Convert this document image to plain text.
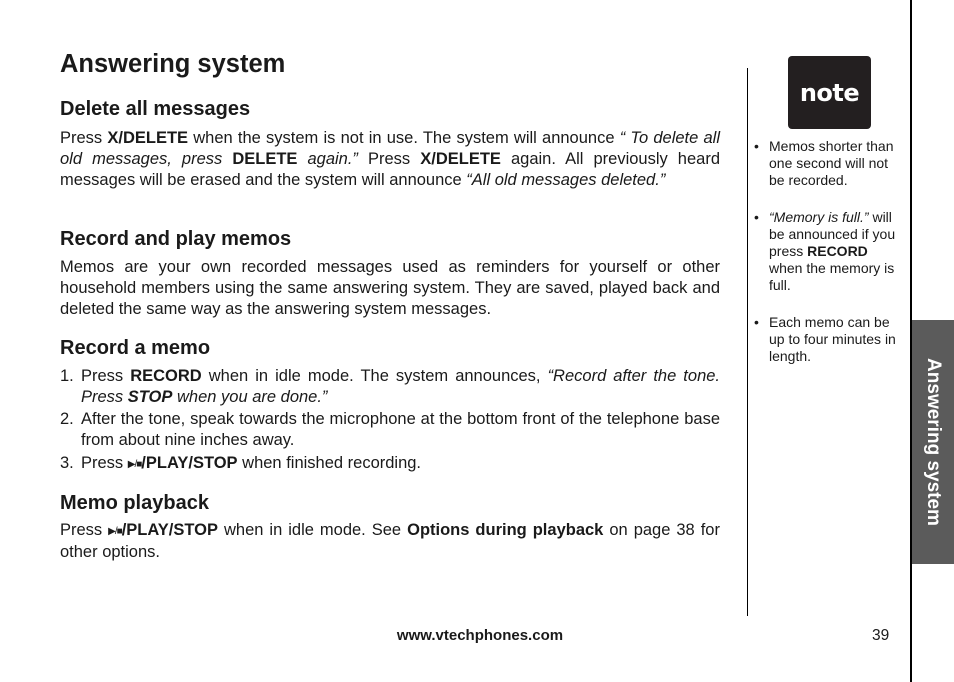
Answering system
Delete all messages

Press X/DELETE when the system is not in use. The system will announce “ To delete all old messages, press DELETE again.” Press X/DELETE again. All previously heard messages will be erased and the system will announce “All old messages deleted.”

Record and play memos

Memos are your own recorded messages used as reminders for yourself or other household members using the same answering system. They are saved, played back and deleted the same way as the answering system messages.

Record a memo
1. Press RECORD when in idle mode. The system announces, “Record after the tone. Press STOP when you are done.”
2. After the tone, speak towards the microphone at the bottom front of the telephone base from about nine inches away.
3. Press ▶/■/PLAY/STOP when finished recording.
Memo playback

Press ▶/■/PLAY/STOP when in idle mode. See Options during playback on page 38 for other options.

note
• Memos shorter than one second will not be recorded.
• “Memory is full.” will be announced if you press RECORD when the memory is full.
• Each memo can be up to four minutes in length.
Answering system
www.vtechphones.com	39
